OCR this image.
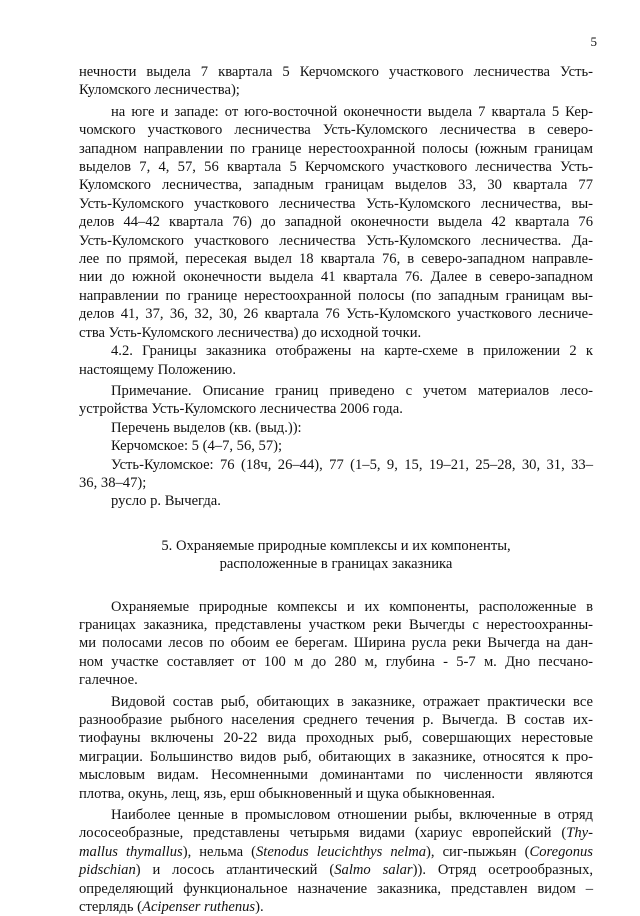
5

нечности выдела 7 квартала 5 Керчомского участкового лесничества Усть-
Куломского лесничества);

на юге и западе: от юго-восточной оконечности выдела 7 квартала 5 Кер-
чомского участкового лесничества Усть-Куломского лесничества в северо-
западном направлении по границе нерестоохранной полосы (южным границам
выделов 7, 4, 57, 56 квартала 5 Керчомского участкового лесничества Усть-
Куломского лесничества, западным границам выделов 33, 30 квартала 77
Усть-Куломского участкового лесничества Усть-Куломского лесничества, вы-
делов 44–42 квартала 76) до западной оконечности выдела 42 квартала 76
Усть-Куломского участкового лесничества Усть-Куломского лесничества. Да-
лее по прямой, пересекая выдел 18 квартала 76, в северо-западном направле-
нии до южной оконечности выдела 41 квартала 76. Далее в северо-западном
направлении по границе нерестоохранной полосы (по западным границам вы-
делов 41, 37, 36, 32, 30, 26 квартала 76 Усть-Куломского участкового лесниче-
ства Усть-Куломского лесничества) до исходной точки.

4.2. Границы заказника отображены на карте-схеме в приложении 2 к
настоящему Положению.

Примечание. Описание границ приведено с учетом материалов лесо-
устройства Усть-Куломского лесничества 2006 года.

Перечень выделов (кв. (выд.)):
Керчомское: 5 (4–7, 56, 57);
Усть-Куломское: 76 (18ч, 26–44), 77 (1–5, 9, 15, 19–21, 25–28, 30, 31, 33–
36, 38–47);
русло р. Вычегда.

5. Охраняемые природные комплексы и их компоненты,
расположенные в границах заказника

Охраняемые природные компексы и их компоненты, расположенные в
границах заказника, представлены участком реки Вычегды с нерестоохранны-
ми полосами лесов по обоим ее берегам. Ширина русла реки Вычегда на дан-
ном участке составляет от 100 м до 280 м, глубина - 5-7 м. Дно песчано-
галечное.

Видовой состав рыб, обитающих в заказнике, отражает практически все
разнообразие рыбного населения среднего течения р. Вычегда. В состав их-
тиофауны включены 20-22 вида проходных рыб, совершающих нерестовые
миграции. Большинство видов рыб, обитающих в заказнике, относятся к про-
мысловым видам. Несомненными доминантами по численности являются
плотва, окунь, лещ, язь, ерш обыкновенный и щука обыкновенная.

Наиболее ценные в промысловом отношении рыбы, включенные в отряд
лососеобразные, представлены четырьмя видами (хариус европейский (Thy-
mallus thymallus), нельма (Stenodus leucichthys nelma), сиг-пыжьян (Coregonus
pidschian) и лосось атлантический (Salmo salar)). Отряд осетрообразных,
определяющий функциональное назначение заказника, представлен видом –
стерлядь (Acipenser ruthenus).
